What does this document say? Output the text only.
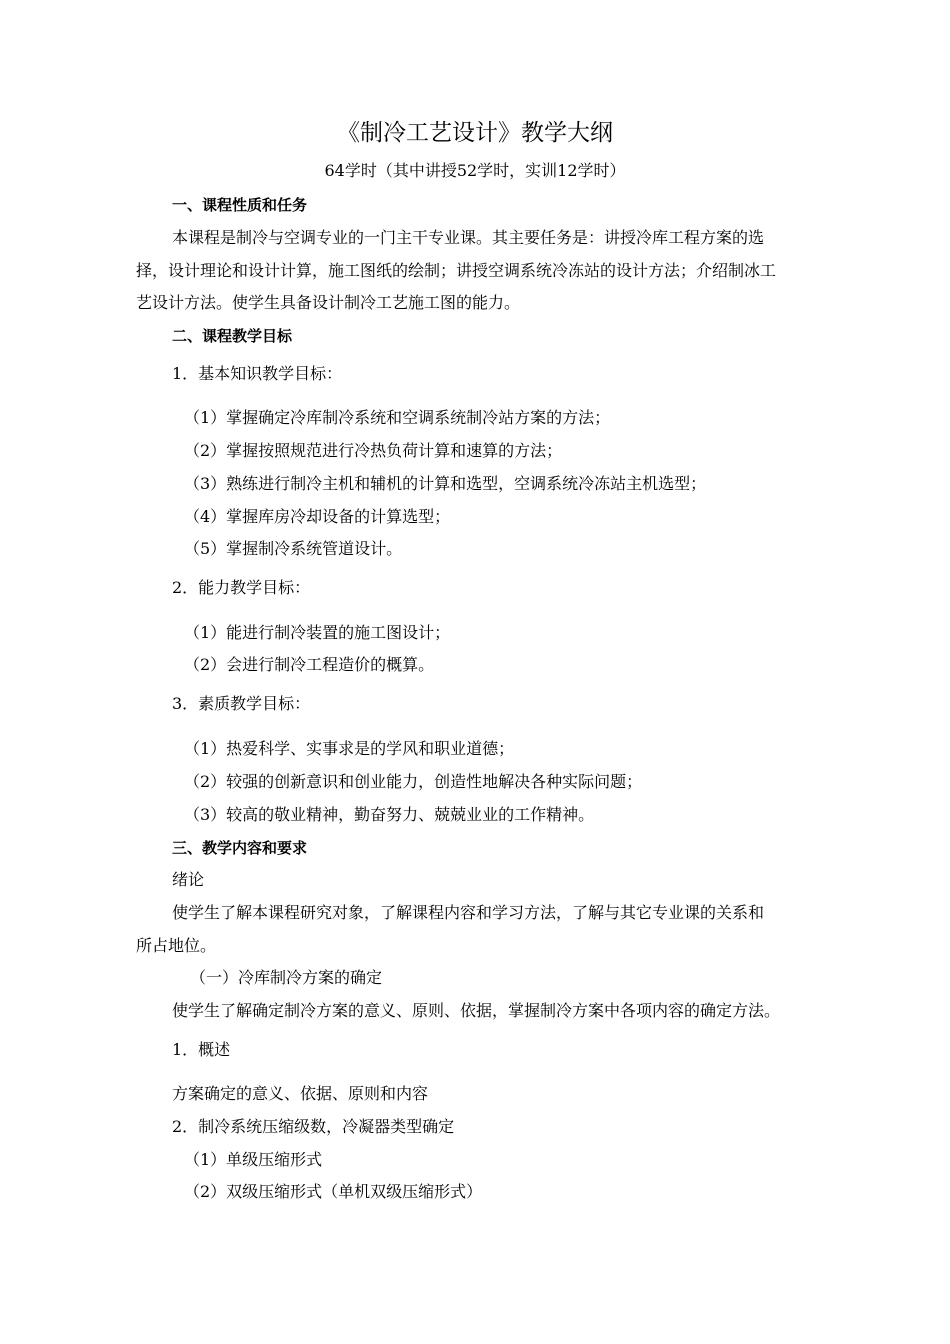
《制冷工艺设计》教学大纲
64学时（其中讲授52学时，实训12学时）
一、课程性质和任务
本课程是制冷与空调专业的一门主干专业课。其主要任务是：讲授冷库工程方案的选
择，设计理论和设计计算，施工图纸的绘制；讲授空调系统冷冻站的设计方法；介绍制冰工
艺设计方法。使学生具备设计制冷工艺施工图的能力。
二、课程教学目标
1．基本知识教学目标：
（1）掌握确定冷库制冷系统和空调系统制冷站方案的方法；
（2）掌握按照规范进行冷热负荷计算和速算的方法；
（3）熟练进行制冷主机和辅机的计算和选型，空调系统冷冻站主机选型；
（4）掌握库房冷却设备的计算选型；
（5）掌握制冷系统管道设计。
2．能力教学目标：
（1）能进行制冷装置的施工图设计；
（2）会进行制冷工程造价的概算。
3．素质教学目标：
（1）热爱科学、实事求是的学风和职业道德；
（2）较强的创新意识和创业能力，创造性地解决各种实际问题；
（3）较高的敬业精神，勤奋努力、兢兢业业的工作精神。
三、教学内容和要求
绪论
使学生了解本课程研究对象，了解课程内容和学习方法，了解与其它专业课的关系和
所占地位。
（一）冷库制冷方案的确定
使学生了解确定制冷方案的意义、原则、依据，掌握制冷方案中各项内容的确定方法。
1．概述
方案确定的意义、依据、原则和内容
2．制冷系统压缩级数，冷凝器类型确定
（1）单级压缩形式
（2）双级压缩形式（单机双级压缩形式）
